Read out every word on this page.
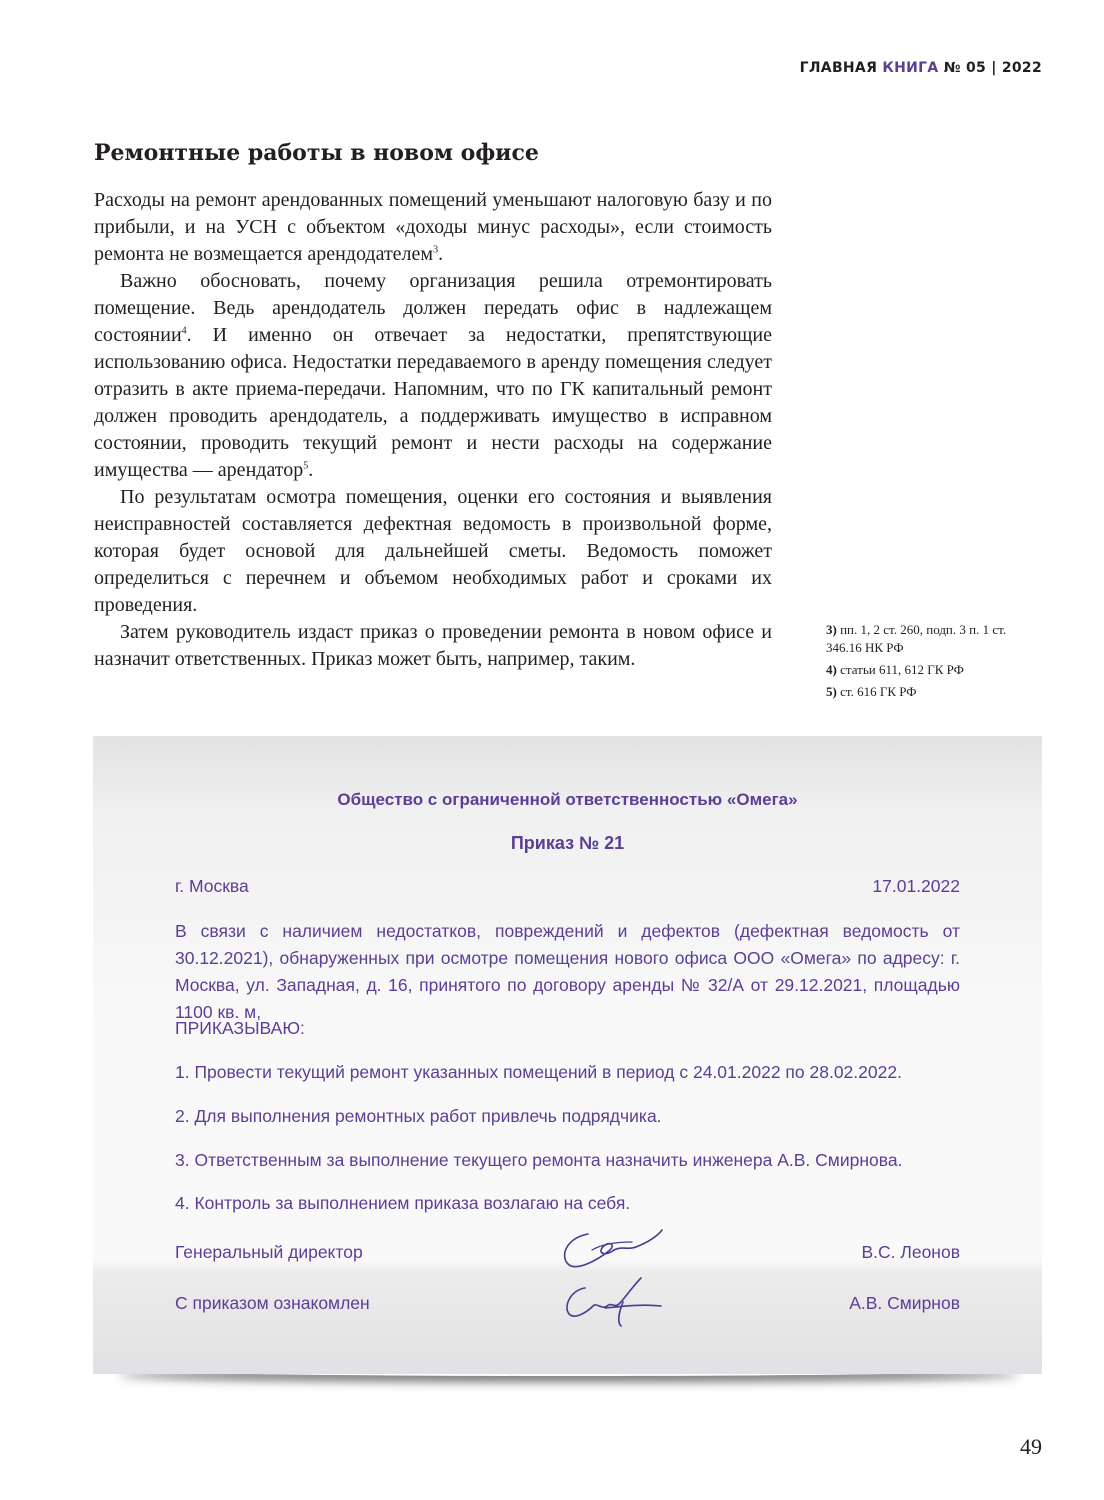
ГЛАВНАЯ КНИГА № 05 | 2022
Ремонтные работы в новом офисе

Расходы на ремонт арендованных помещений уменьшают налоговую базу и по прибыли, и на УСН с объектом «доходы минус расходы», если стоимость ремонта не возмещается арендодателем$^3$.

Важно обосновать, почему организация решила отремонтировать помещение. Ведь арендодатель должен передать офис в надлежащем состоянии$^4$. И именно он отвечает за недостатки, препятствующие использованию офиса. Недостатки передаваемого в аренду помещения следует отразить в акте приема-передачи. Напомним, что по ГК капитальный ремонт должен проводить арендодатель, а поддерживать имущество в исправном состоянии, проводить текущий ремонт и нести расходы на содержание имущества — арендатор$^5$.

По результатам осмотра помещения, оценки его состояния и выявления неисправностей составляется дефектная ведомость в произвольной форме, которая будет основой для дальнейшей сметы. Ведомость поможет определиться с перечнем и объемом необходимых работ и сроками их проведения.

Затем руководитель издаст приказ о проведении ремонта в новом офисе и назначит ответственных. Приказ может быть, например, таким.

3) пп. 1, 2 ст. 260, подп. 3 п. 1 ст. 346.16 НК РФ
4) статьи 611, 612 ГК РФ
5) ст. 616 ГК РФ
Общество с ограниченной ответственностью «Омега»
Приказ № 21
г. Москва	17.01.2022
В связи с наличием недостатков, повреждений и дефектов (дефектная ведомость от 30.12.2021), обнаруженных при осмотре помещения нового офиса ООО «Омега» по адресу: г. Москва, ул. Западная, д. 16, принятого по договору аренды № 32/А от 29.12.2021, площадью 1100 кв. м,
ПРИКАЗЫВАЮ:
1. Провести текущий ремонт указанных помещений в период с 24.01.2022 по 28.02.2022.
2. Для выполнения ремонтных работ привлечь подрядчика.
3. Ответственным за выполнение текущего ремонта назначить инженера А.В. Смирнова.
4. Контроль за выполнением приказа возлагаю на себя.
Генеральный директор	В.С. Леонов
С приказом ознакомлен	А.В. Смирнов
49
